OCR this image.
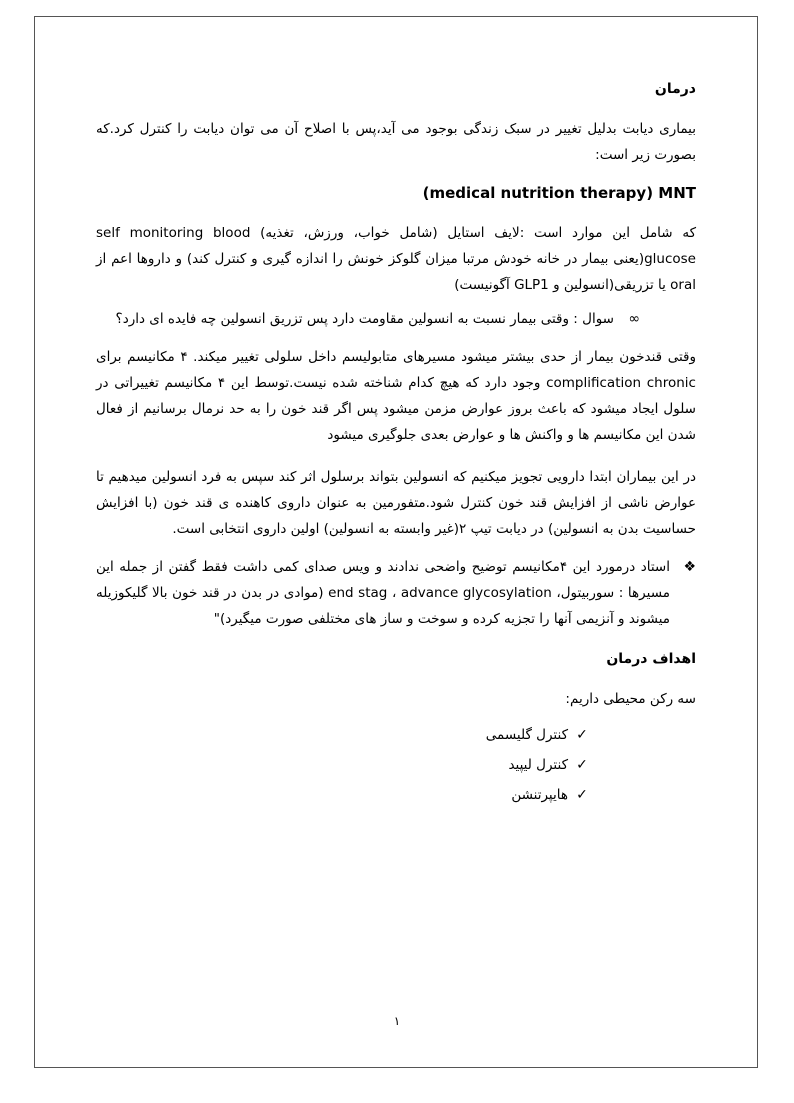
درمان

بیماری دیابت بدلیل تغییر در سبک زندگی بوجود می آید،پس با اصلاح آن می توان دیابت را کنترل کرد.که بصورت زیر است:

(medical nutrition therapy) MNT

که شامل این موارد است :لایف استایل (شامل خواب، ورزش، تغذیه) self monitoring blood glucose(یعنی بیمار در خانه خودش مرتبا میزان گلوکز خونش را اندازه گیری و کنترل کند) و داروها اعم از oral یا تزریقی(انسولین و GLP1 آگونیست)

∞
سوال : وقتی بیمار نسبت به انسولین مقاومت دارد پس تزریق انسولین چه فایده ای دارد؟

وقتی قندخون بیمار از حدی بیشتر میشود مسیرهای متابولیسم داخل سلولی تغییر میکند. ۴ مکانیسم برای complification chronic وجود دارد که هیچ کدام شناخته شده نیست.توسط این ۴ مکانیسم تغییراتی در سلول ایجاد میشود که باعث بروز عوارض مزمن میشود پس اگر قند خون را به حد نرمال برسانیم از فعال شدن این مکانیسم ها و واکنش ها و عوارض بعدی جلوگیری میشود

در این بیماران ابتدا دارویی تجویز میکنیم که انسولین بتواند برسلول اثر کند سپس به فرد انسولین میدهیم تا عوارض ناشی از افزایش قند خون کنترل شود.متفورمین به عنوان داروی کاهنده ی قند خون (با افزایش حساسیت بدن به انسولین) در دیابت تیپ ۲(غیر وابسته به انسولین) اولین داروی انتخابی است.

❖
استاد درمورد این ۴مکانیسم توضیح واضحی ندادند و ویس صدای کمی داشت فقط گفتن از جمله این مسیرها : سوربیتول، end stag ، advance glycosylation (موادی در بدن در قند خون بالا گلیکوزیله میشوند و آنزیمی آنها را تجزیه کرده و سوخت و ساز های مختلفی صورت میگیرد)"

اهداف درمان

سه رکن محیطی داریم:

✓
کنترل گلیسمی
✓
کنترل لیپید
✓
هایپرتنشن
۱
